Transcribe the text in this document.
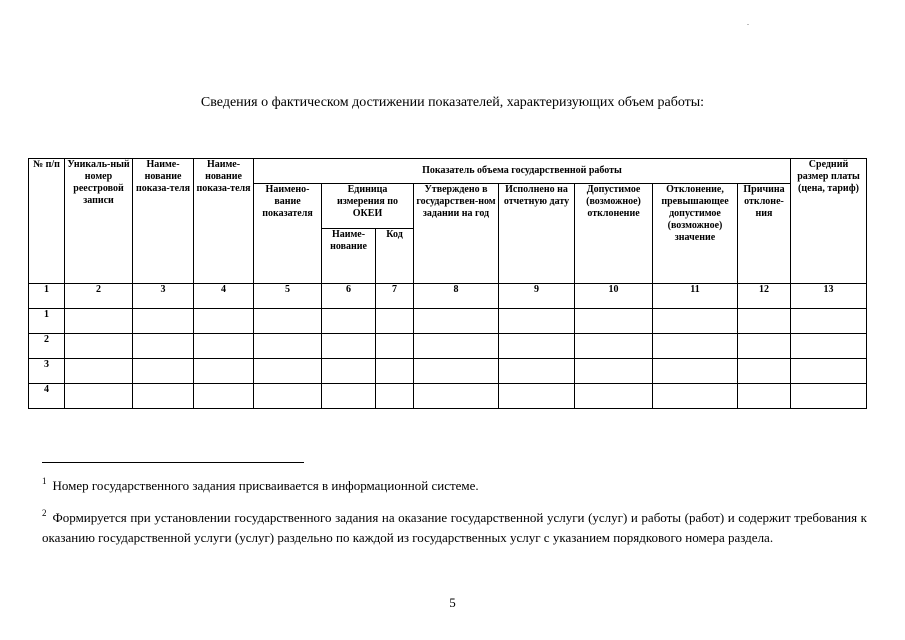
.
Сведения о фактическом достижении показателей, характеризующих объем работы:
№ п/п	Уникаль-ный номер реестровой записи	Наиме-нование показа-теля	Наиме-нование показа-теля	Показатель объема государственной работы								Средний размер платы (цена, тариф)
				Наимено-вание показателя	Единица измерения по ОКЕИ		Утверждено в государствен-ном задании на год	Исполнено на отчетную дату	Допустимое (возможное) отклонение	Отклонение, превышающее допустимое (возможное) значение	Причина отклоне-ния	
					Наиме-нование	Код						
1	2	3	4	5	6	7	8	9	10	11	12	13
1												
2												
3												
4												
$^1$ Номер государственного задания присваивается в информационной системе.
$^2$ Формируется при установлении государственного задания на оказание государственной услуги (услуг) и работы (работ) и содержит требования к оказанию государственной услуги (услуг) раздельно по каждой из государственных услуг с указанием порядкового номера раздела.
5
